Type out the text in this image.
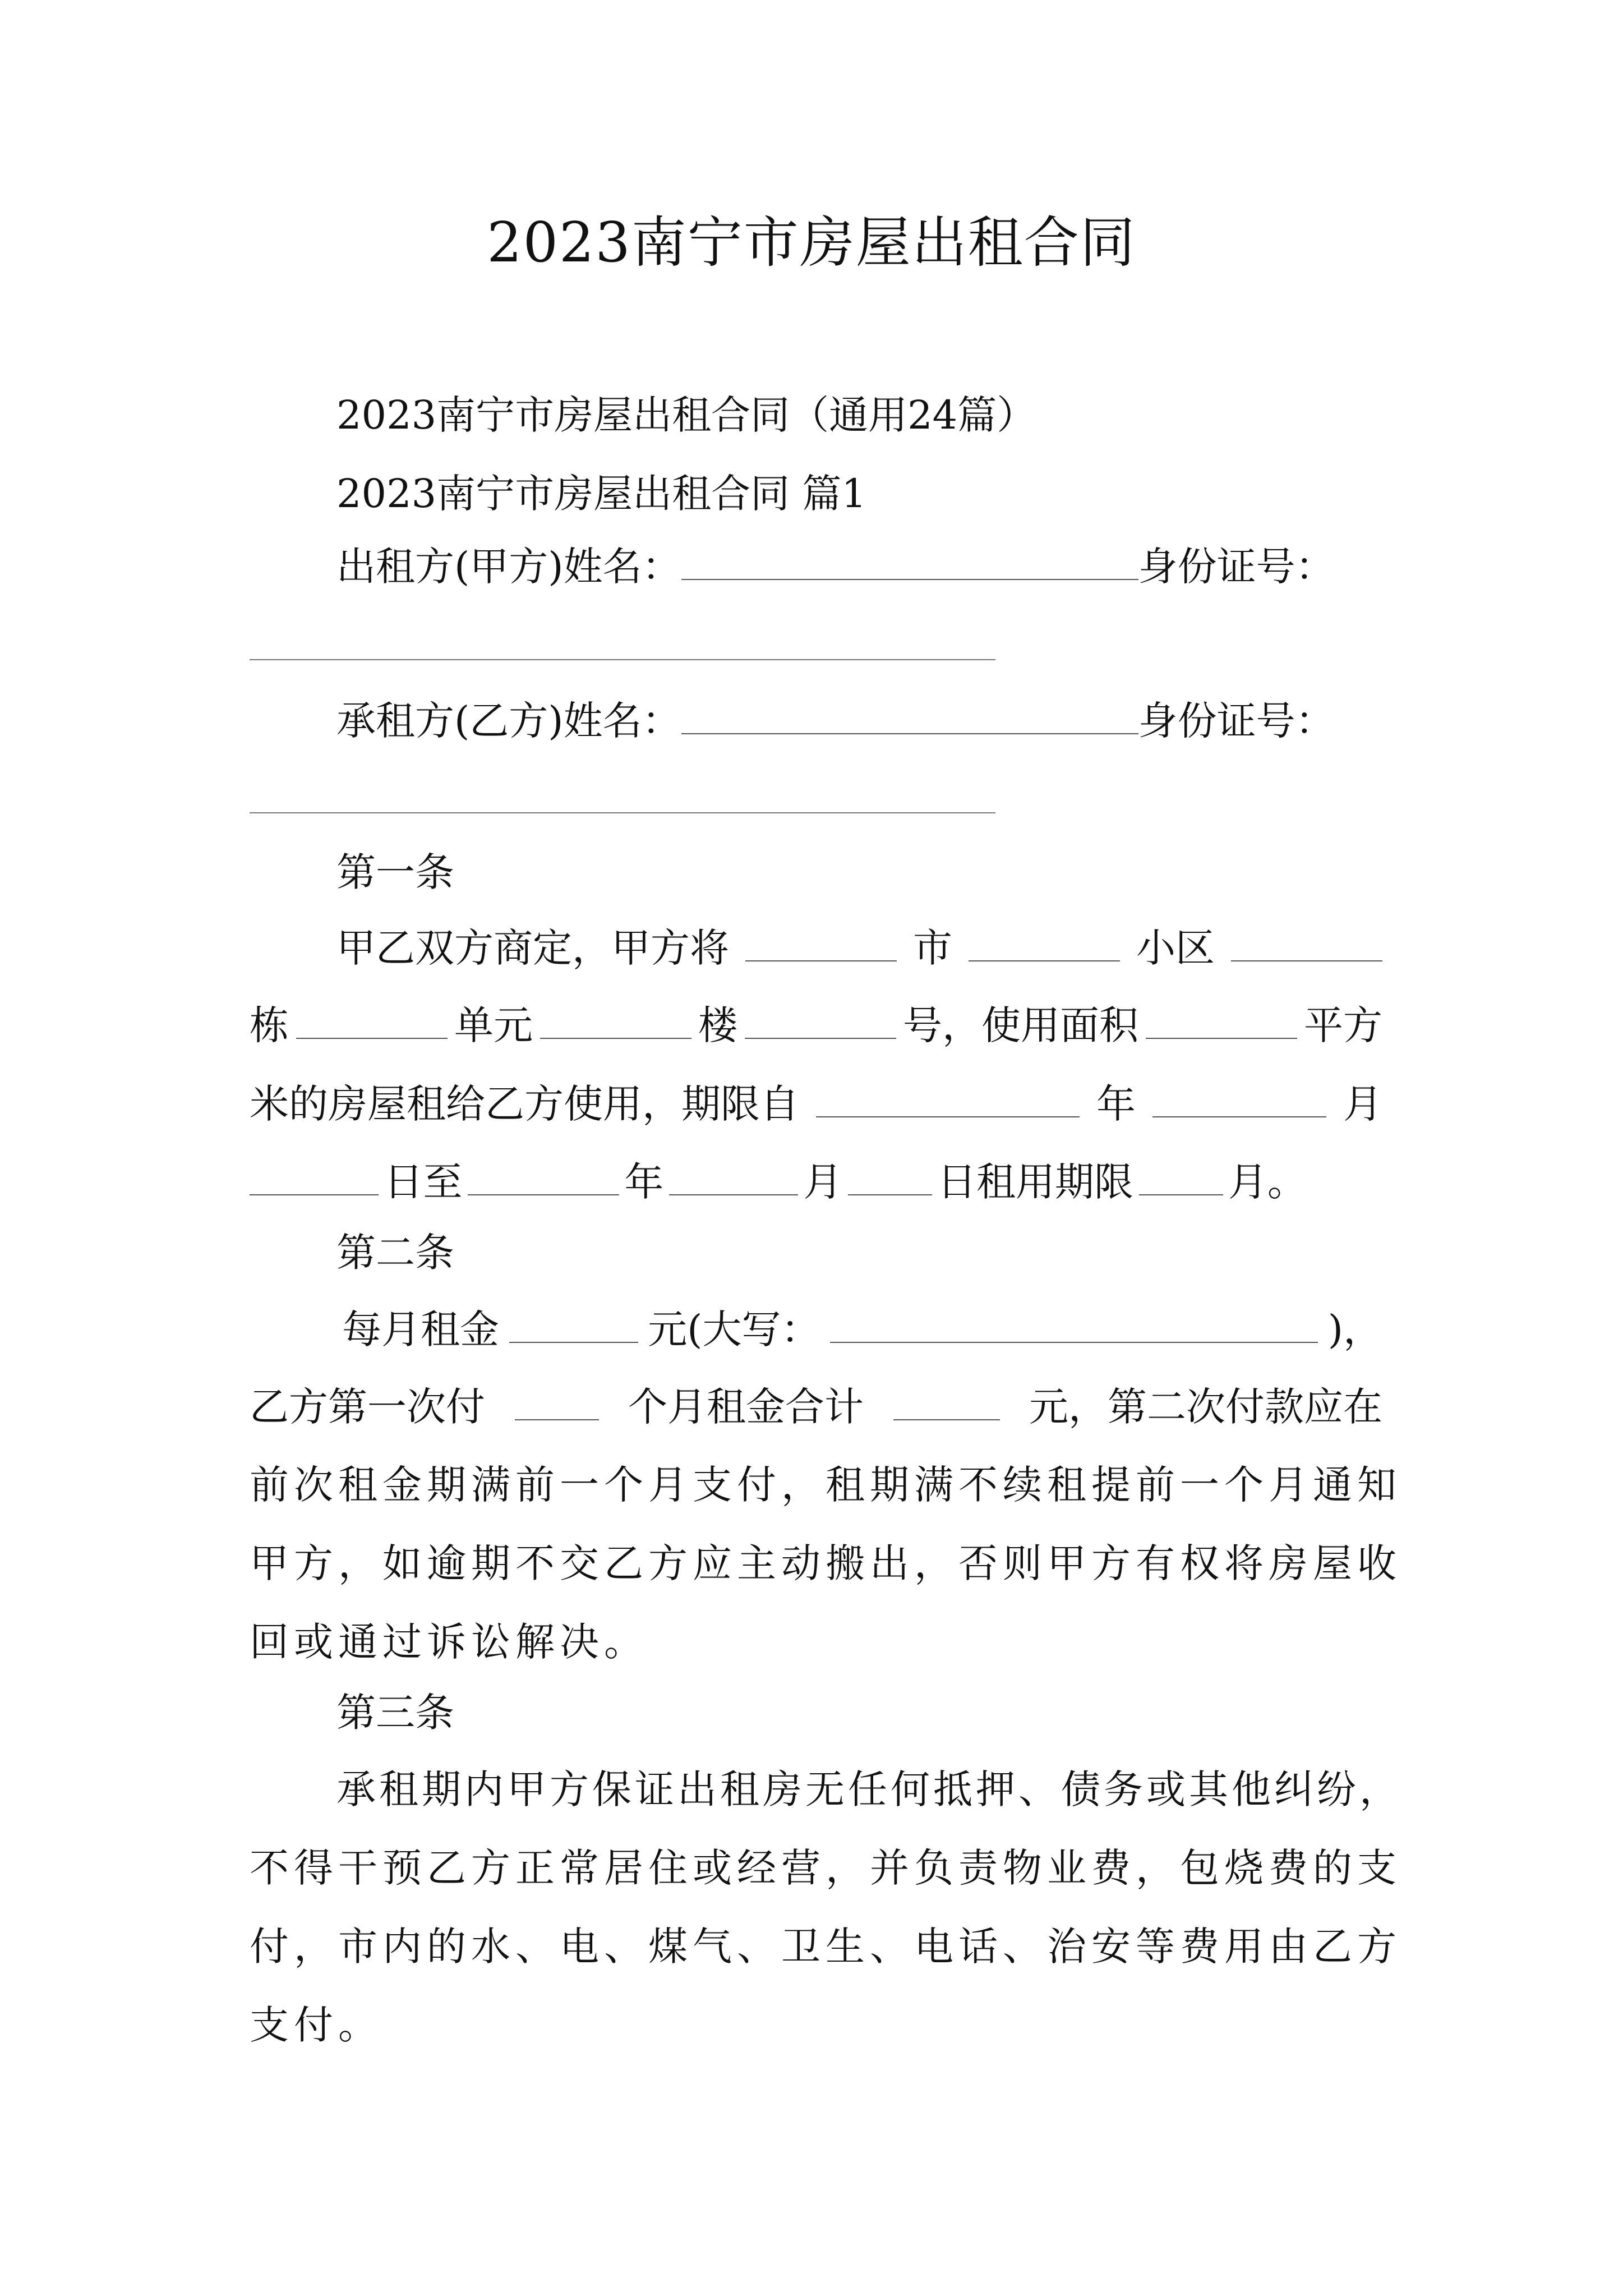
2023南宁市房屋出租合同
2023南宁市房屋出租合同（通用24篇）
2023南宁市房屋出租合同 篇1
出租方(甲方)姓名：	身份证号：
承租方(乙方)姓名：	身份证号：
第一条
甲乙双方商定，甲方将	市	小区
栋	单元	楼	号，使用面积	平方
米的房屋租给乙方使用，期限自	年	月
日至	年	月 日租用期限 月。
第二条
每月租金	元(大写：	)，
乙方第一次付	个月租金合计	元，第二次付款应在
前次租金期满前一个月支付，租期满不续租提前一个月通知
甲方，如逾期不交乙方应主动搬出，否则甲方有权将房屋收
回或通过诉讼解决。
第三条
承租期内甲方保证出租房无任何抵押、债务或其他纠纷，
不得干预乙方正常居住或经营，并负责物业费，包烧费的支
付，市内的水、电、煤气、卫生、电话、治安等费用由乙方
支付。
